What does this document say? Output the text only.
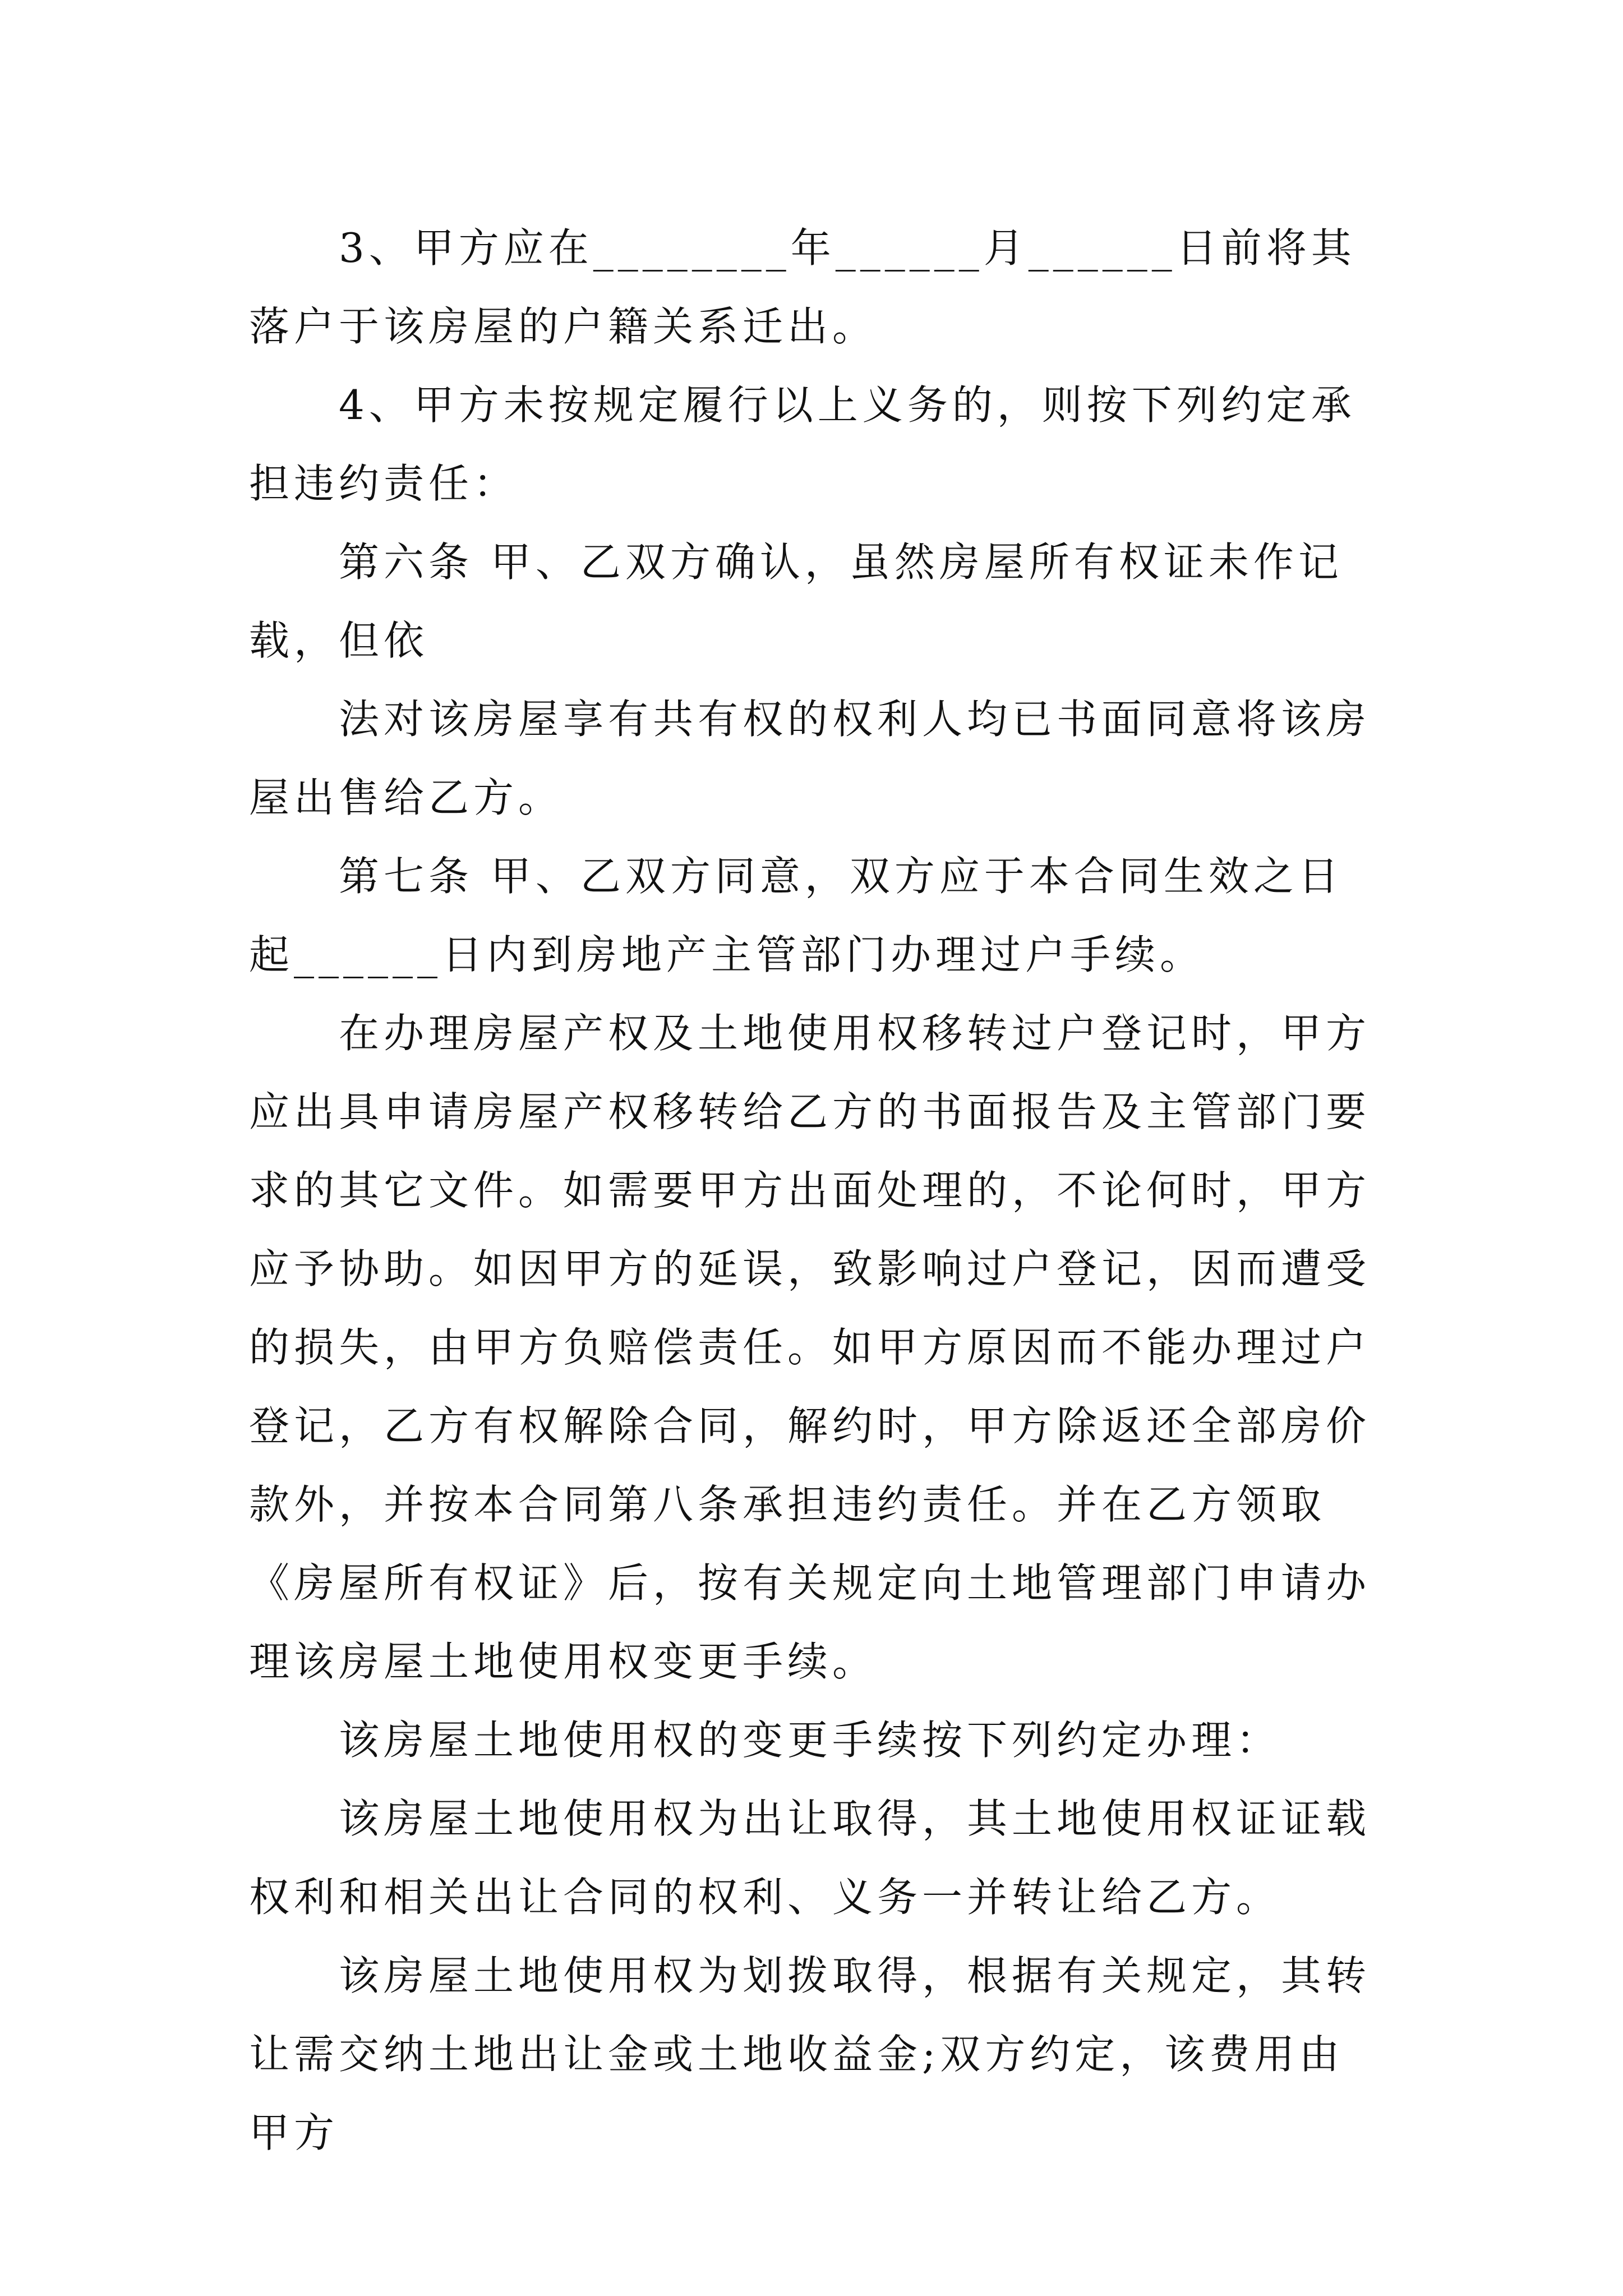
3、甲方应在________年______月______日前将其落户于该房屋的户籍关系迁出。

4、甲方未按规定履行以上义务的，则按下列约定承担违约责任：

第六条 甲、乙双方确认，虽然房屋所有权证未作记载，但依

法对该房屋享有共有权的权利人均已书面同意将该房屋出售给乙方。

第七条 甲、乙双方同意，双方应于本合同生效之日起______日内到房地产主管部门办理过户手续。

在办理房屋产权及土地使用权移转过户登记时，甲方应出具申请房屋产权移转给乙方的书面报告及主管部门要求的其它文件。如需要甲方出面处理的，不论何时，甲方应予协助。如因甲方的延误，致影响过户登记，因而遭受的损失，由甲方负赔偿责任。如甲方原因而不能办理过户登记，乙方有权解除合同，解约时，甲方除返还全部房价款外，并按本合同第八条承担违约责任。并在乙方领取《房屋所有权证》后，按有关规定向土地管理部门申请办理该房屋土地使用权变更手续。

该房屋土地使用权的变更手续按下列约定办理：

该房屋土地使用权为出让取得，其土地使用权证证载权利和相关出让合同的权利、义务一并转让给乙方。

该房屋土地使用权为划拨取得，根据有关规定，其转让需交纳土地出让金或土地收益金;双方约定，该费用由甲方
